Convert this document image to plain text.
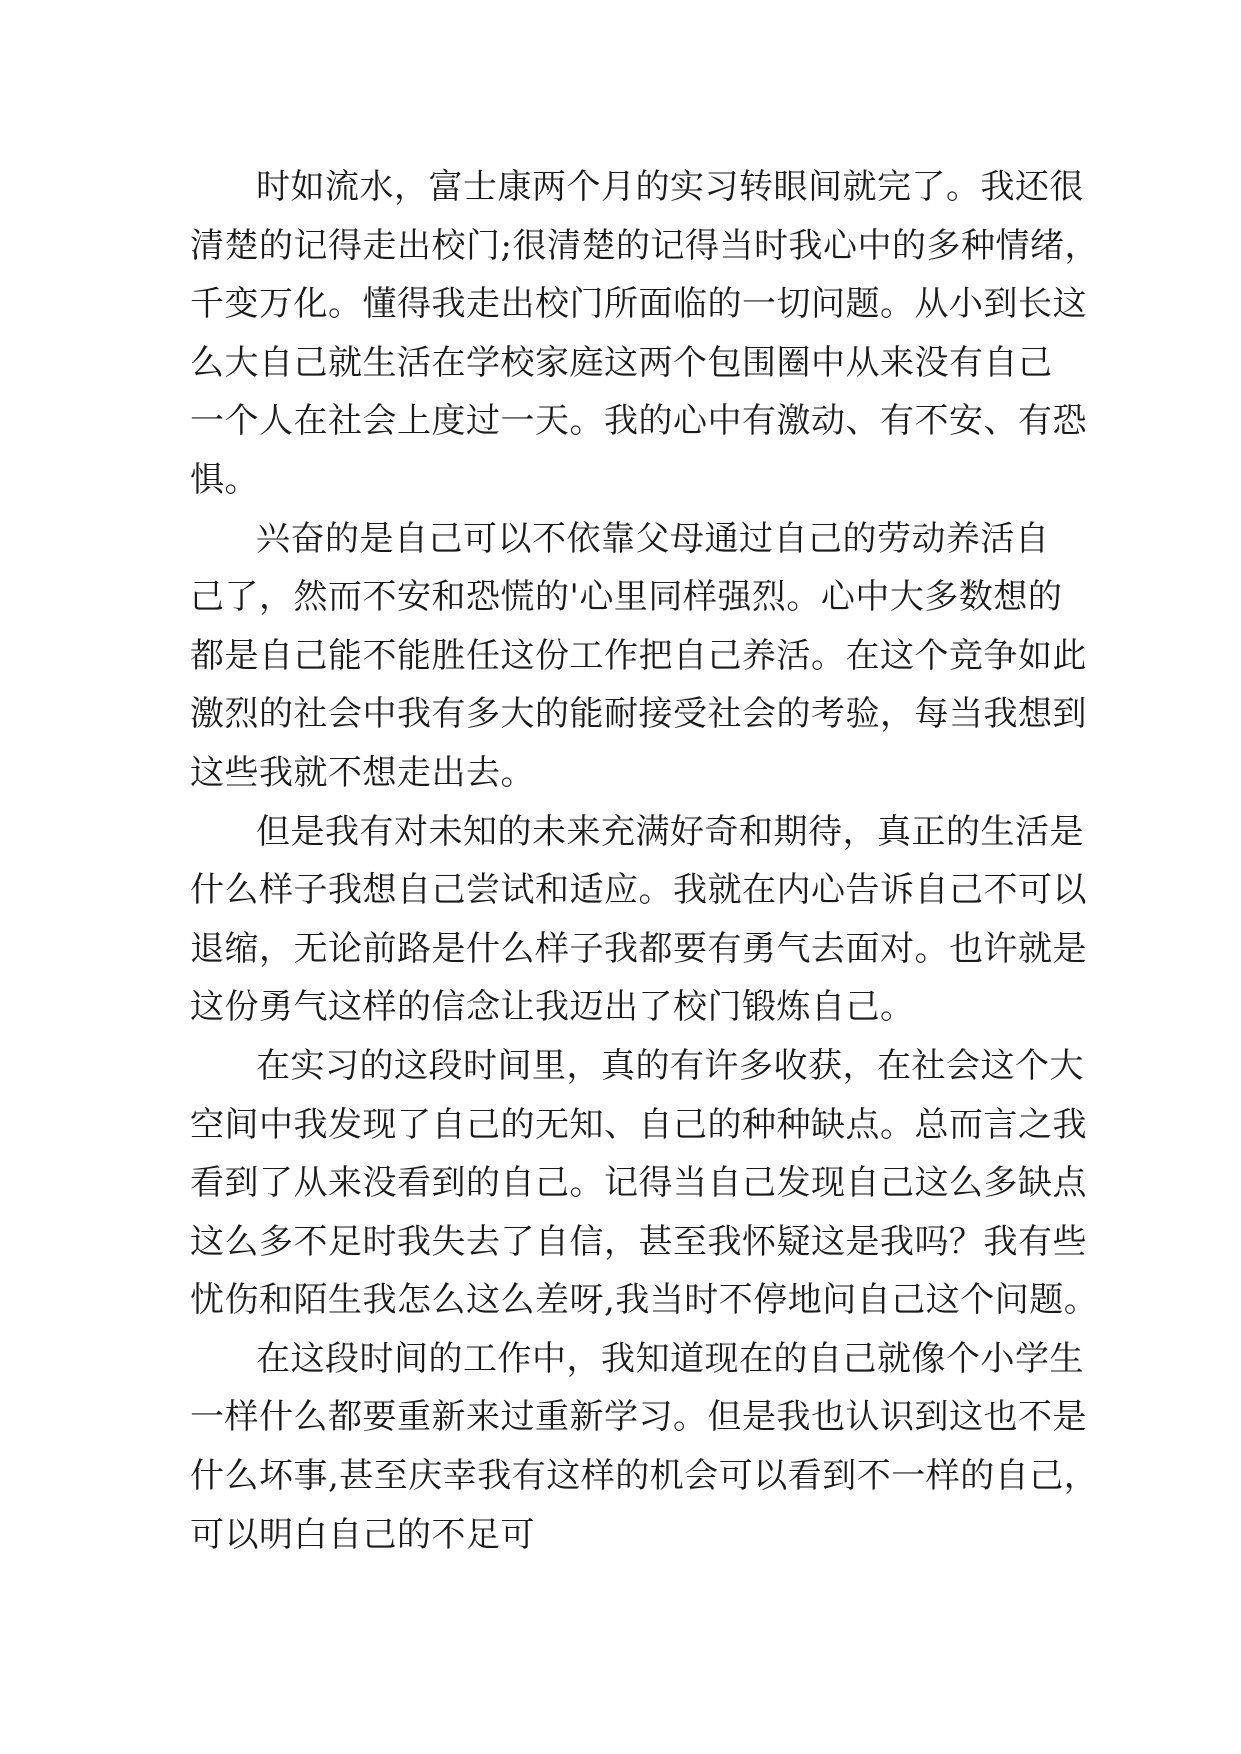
时如流水，富士康两个月的实习转眼间就完了。我还很
清楚的记得走出校门;很清楚的记得当时我心中的多种情绪，
千变万化。懂得我走出校门所面临的一切问题。从小到长这
么大自己就生活在学校家庭这两个包围圈中从来没有自己
一个人在社会上度过一天。我的心中有激动、有不安、有恐
惧。
兴奋的是自己可以不依靠父母通过自己的劳动养活自
己了，然而不安和恐慌的'心里同样强烈。心中大多数想的
都是自己能不能胜任这份工作把自己养活。在这个竞争如此
激烈的社会中我有多大的能耐接受社会的考验，每当我想到
这些我就不想走出去。
但是我有对未知的未来充满好奇和期待，真正的生活是
什么样子我想自己尝试和适应。我就在内心告诉自己不可以
退缩，无论前路是什么样子我都要有勇气去面对。也许就是
这份勇气这样的信念让我迈出了校门锻炼自己。
在实习的这段时间里，真的有许多收获，在社会这个大
空间中我发现了自己的无知、自己的种种缺点。总而言之我
看到了从来没看到的自己。记得当自己发现自己这么多缺点
这么多不足时我失去了自信，甚至我怀疑这是我吗？我有些
忧伤和陌生我怎么这么差呀,我当时不停地问自己这个问题。
在这段时间的工作中，我知道现在的自己就像个小学生
一样什么都要重新来过重新学习。但是我也认识到这也不是
什么坏事,甚至庆幸我有这样的机会可以看到不一样的自己，
可以明白自己的不足可
